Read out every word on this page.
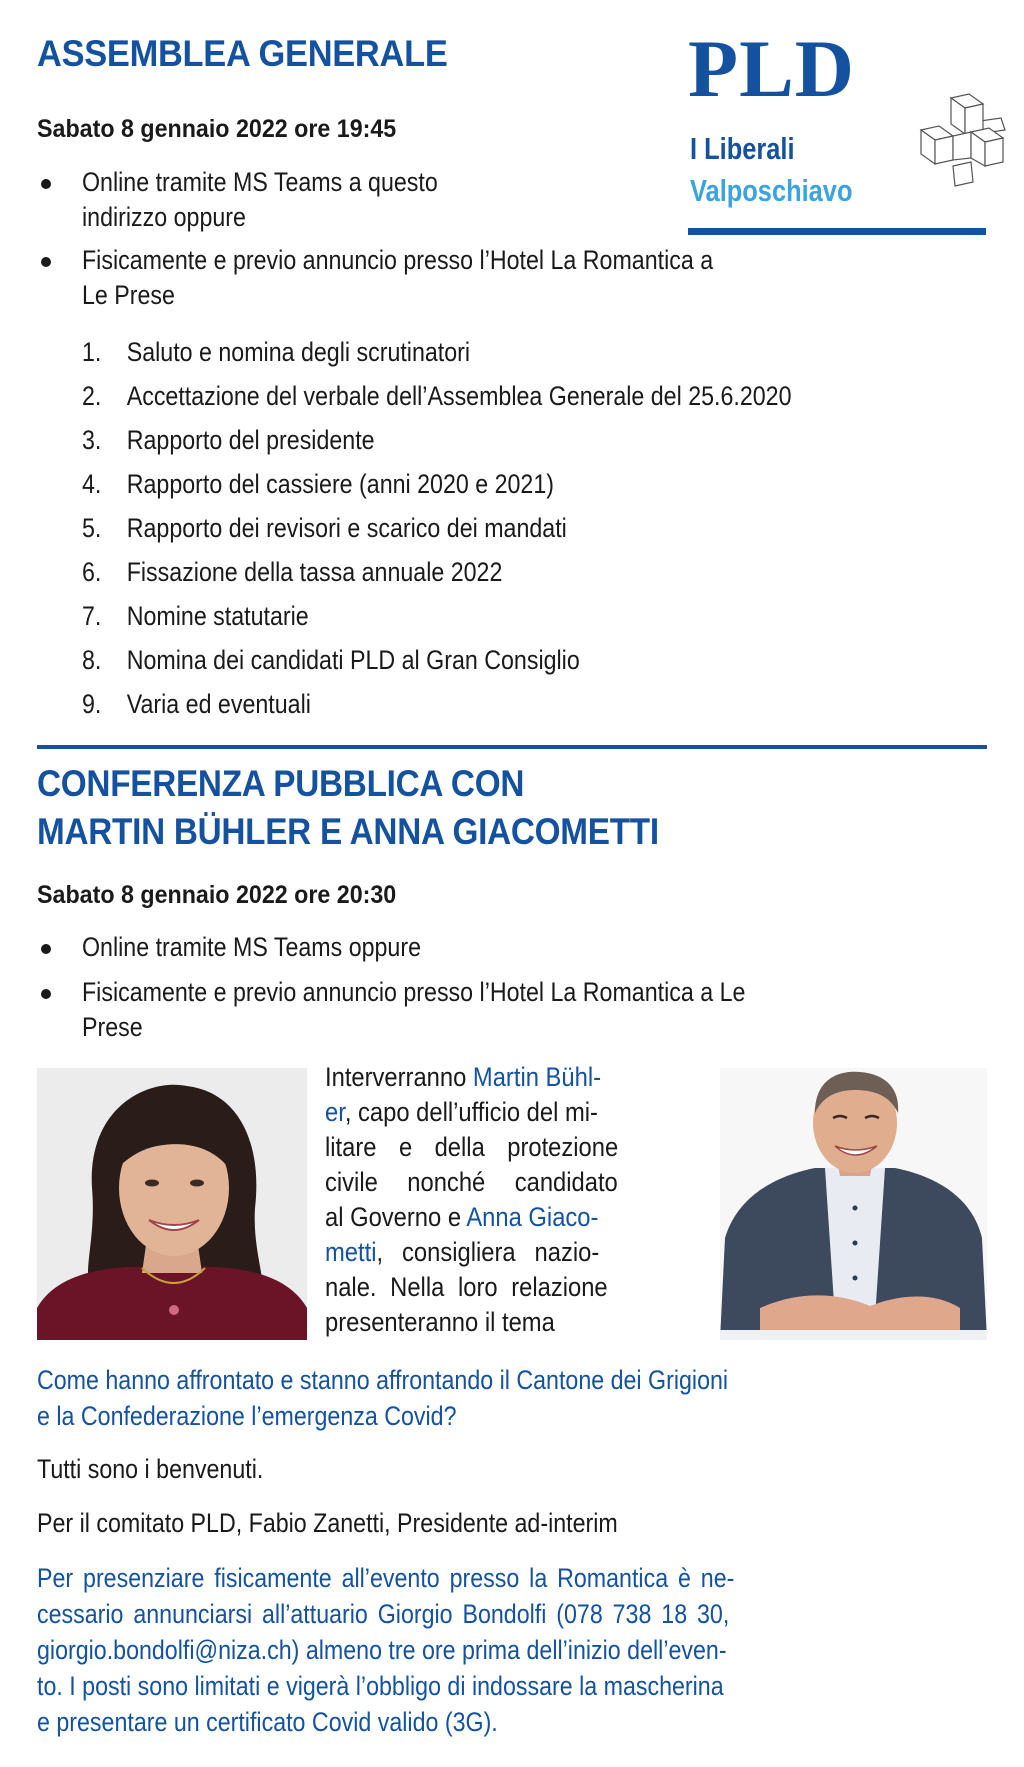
PLD
I Liberali
Valposchiavo
ASSEMBLEA GENERALE
Sabato 8 gennaio 2022 ore 19:45
Online tramite MS Teams a questo
indirizzo oppure
Fisicamente e previo annuncio presso l’Hotel La Romantica a
Le Prese
1. Saluto e nomina degli scrutinatori
2. Accettazione del verbale dell’Assemblea Generale del 25.6.2020
3. Rapporto del presidente
4. Rapporto del cassiere (anni 2020 e 2021)
5. Rapporto dei revisori e scarico dei mandati
6. Fissazione della tassa annuale 2022
7. Nomine statutarie
8. Nomina dei candidati PLD al Gran Consiglio
9. Varia ed eventuali
CONFERENZA PUBBLICA CON
MARTIN BÜHLER E ANNA GIACOMETTI
Sabato 8 gennaio 2022 ore 20:30
Online tramite MS Teams oppure
Fisicamente e previo annuncio presso l’Hotel La Romantica a Le
Prese
Interverranno Martin Bühl-
er, capo dell’ufficio del mi-
litare e della protezione
civile nonché candidato
al Governo e Anna Giaco-
metti, consigliera nazio-
nale. Nella loro relazione
presenteranno il tema
Come hanno affrontato e stanno affrontando il Cantone dei Grigioni
e la Confederazione l’emergenza Covid?
Tutti sono i benvenuti.
Per il comitato PLD, Fabio Zanetti, Presidente ad-interim
Per presenziare fisicamente all’evento presso la Romantica è ne-
cessario annunciarsi all’attuario Giorgio Bondolfi (078 738 18 30,
giorgio.bondolfi@niza.ch) almeno tre ore prima dell’inizio dell’even-
to. I posti sono limitati e vigerà l’obbligo di indossare la mascherina
e presentare un certificato Covid valido (3G).
